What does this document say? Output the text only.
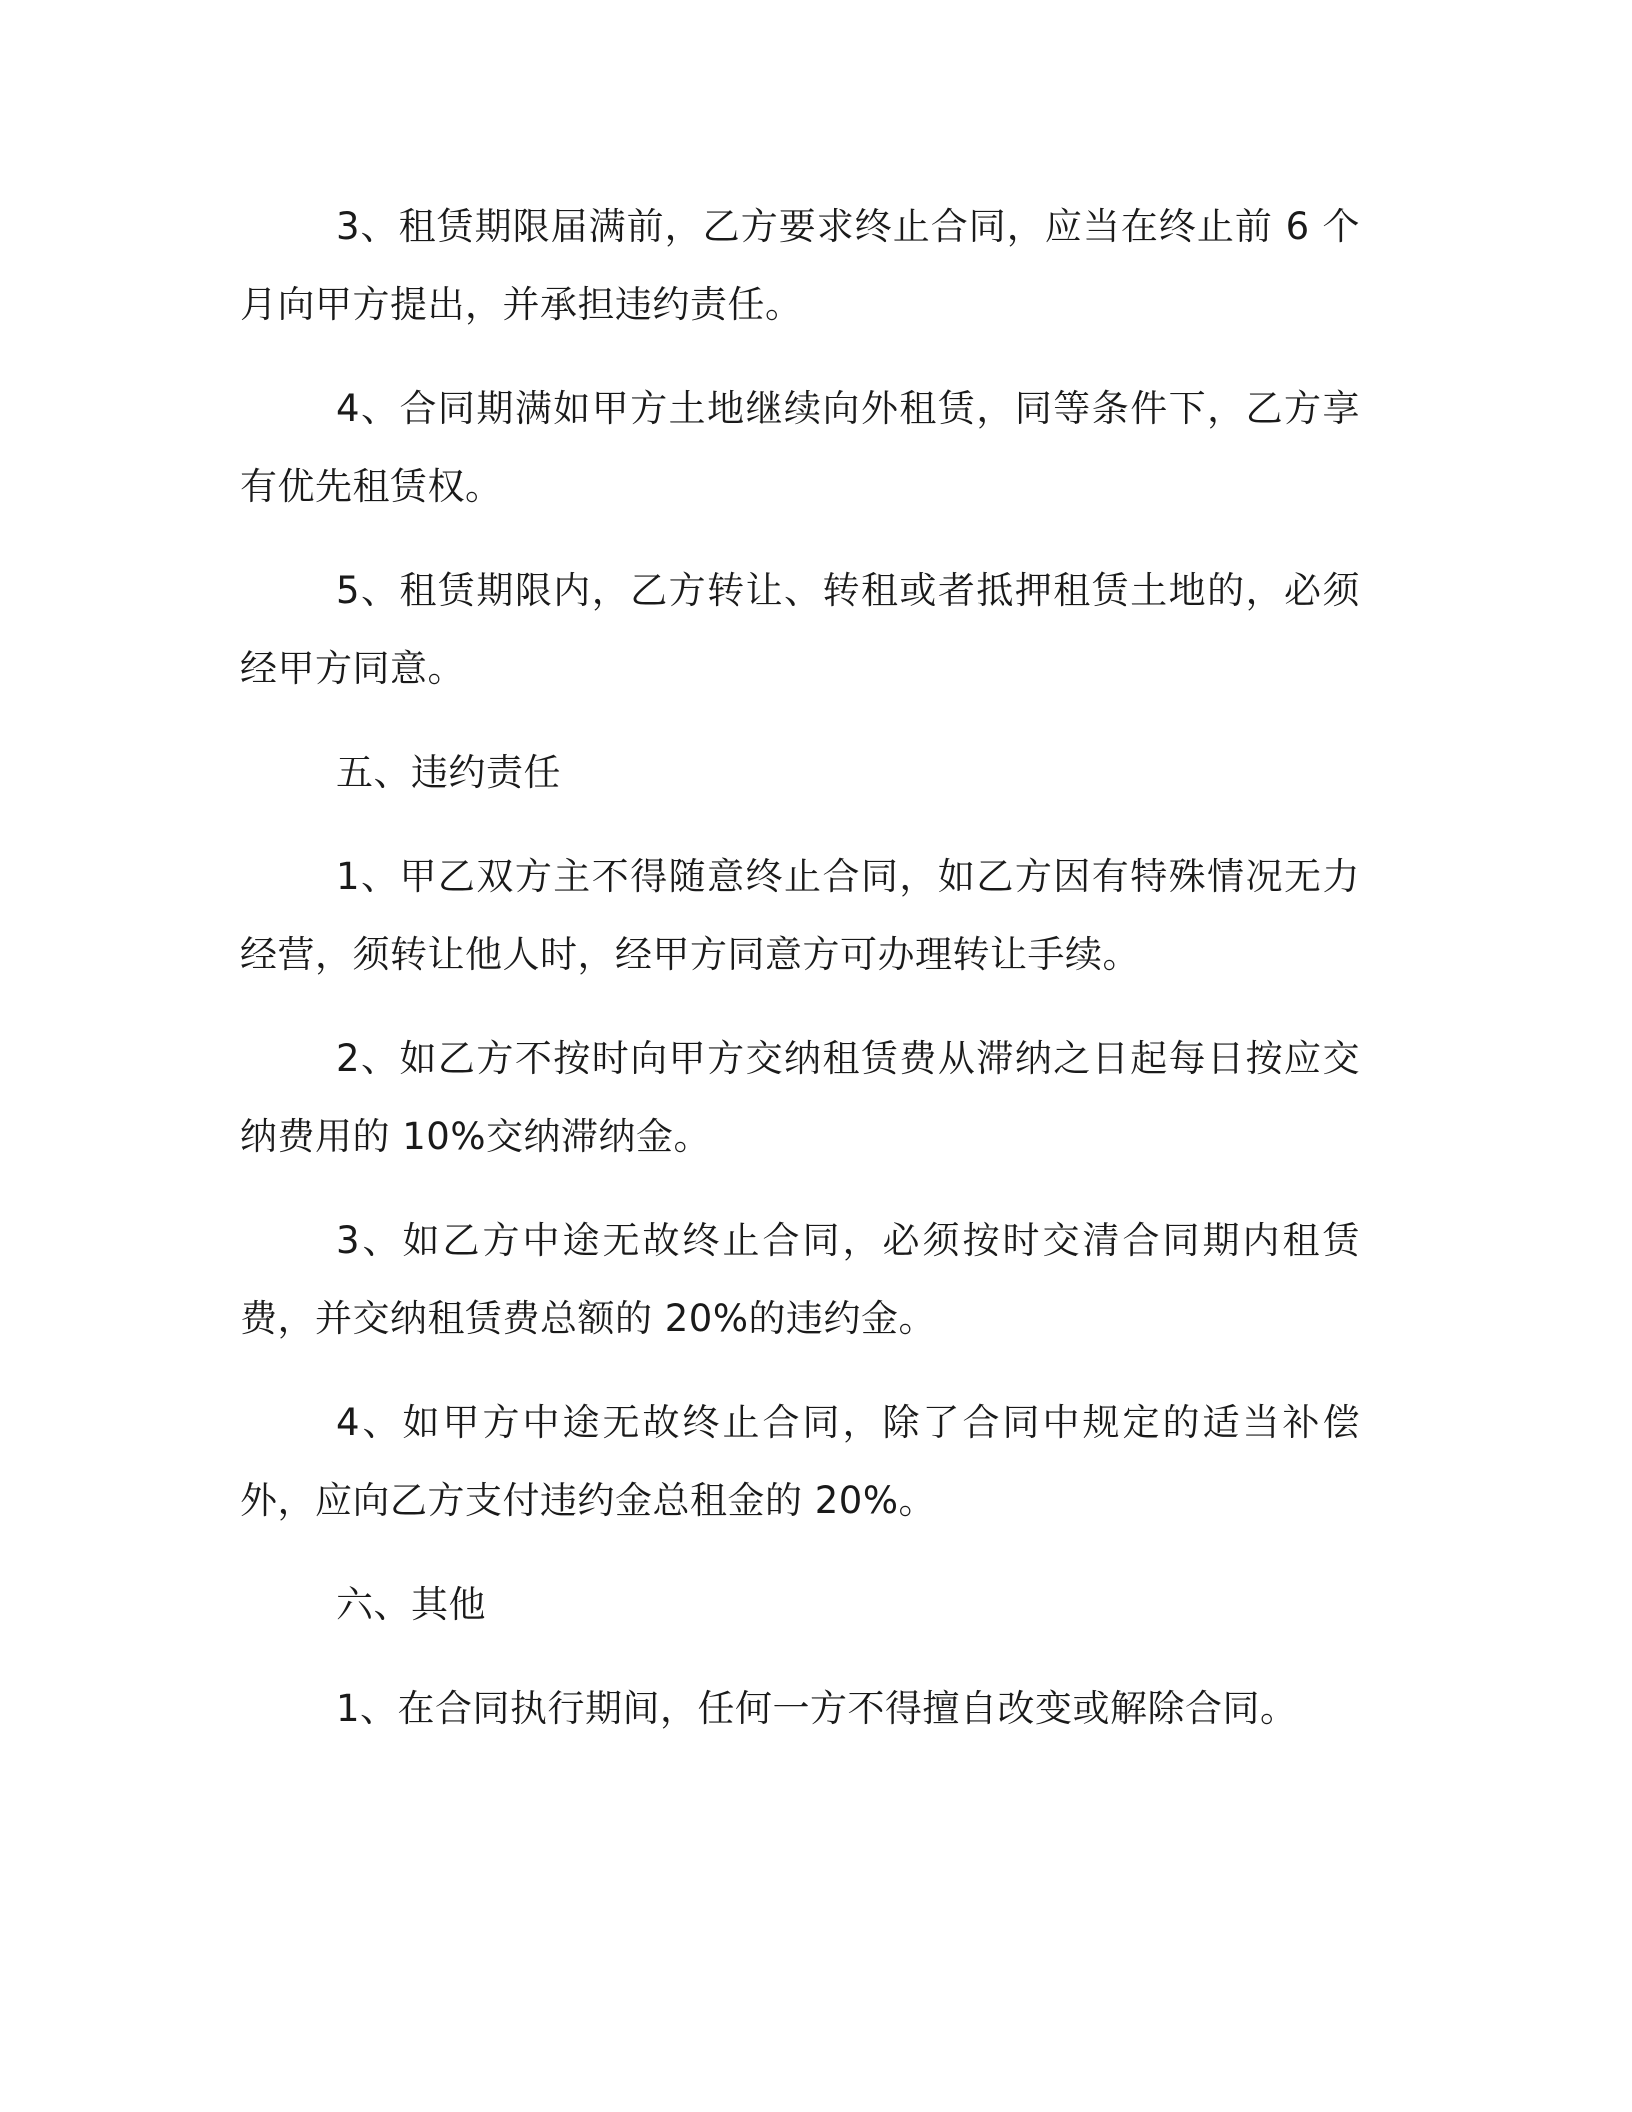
3、租赁期限届满前，乙方要求终止合同，应当在终止前 6 个月向甲方提出，并承担违约责任。

4、合同期满如甲方土地继续向外租赁，同等条件下，乙方享有优先租赁权。

5、租赁期限内，乙方转让、转租或者抵押租赁土地的，必须经甲方同意。

五、违约责任

1、甲乙双方主不得随意终止合同，如乙方因有特殊情况无力经营，须转让他人时，经甲方同意方可办理转让手续。

2、如乙方不按时向甲方交纳租赁费从滞纳之日起每日按应交纳费用的 10%交纳滞纳金。

3、如乙方中途无故终止合同，必须按时交清合同期内租赁费，并交纳租赁费总额的 20%的违约金。

4、如甲方中途无故终止合同，除了合同中规定的适当补偿外，应向乙方支付违约金总租金的 20%。

六、其他

1、在合同执行期间，任何一方不得擅自改变或解除合同。
